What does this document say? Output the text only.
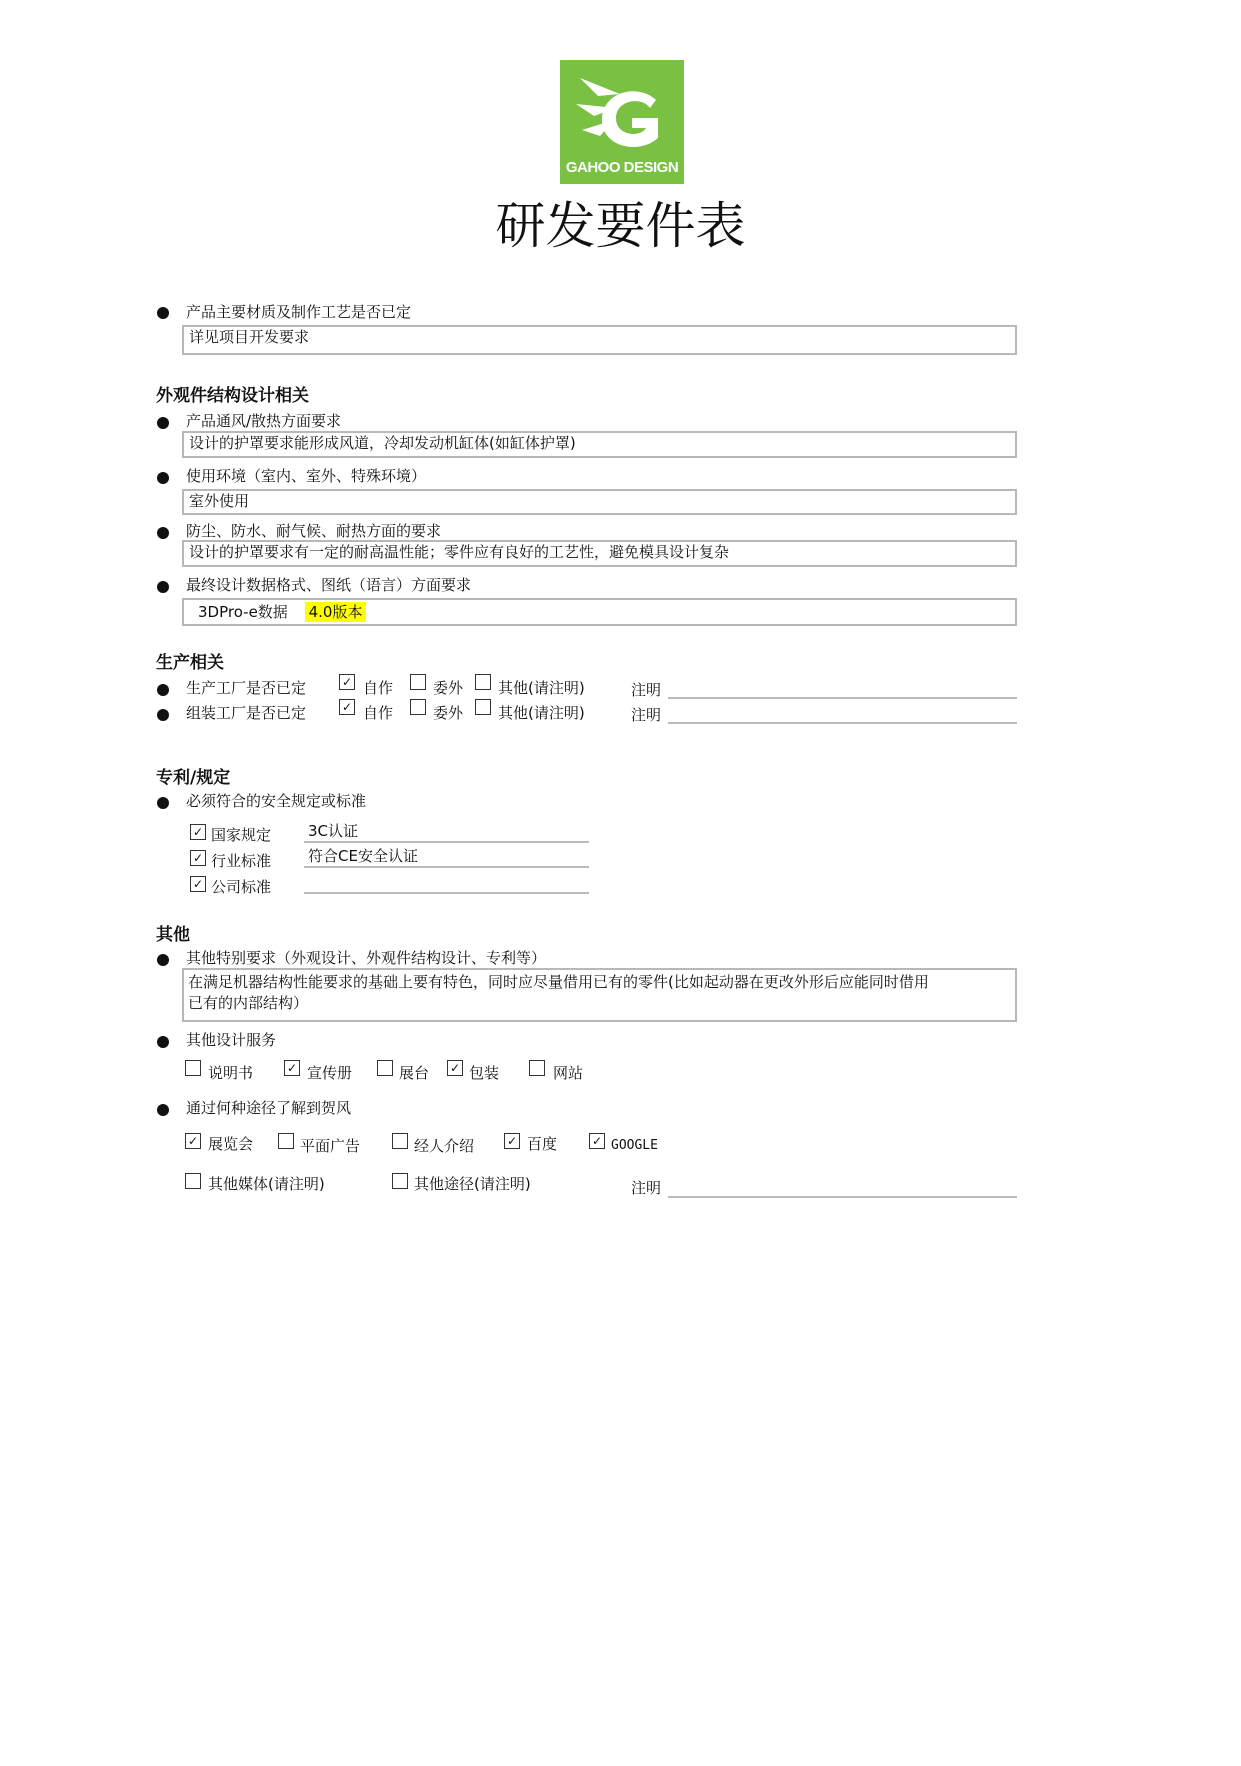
GAHOO DESIGN
研发要件表
产品主要材质及制作工艺是否已定
详见项目开发要求
外观件结构设计相关
产品通风/散热方面要求
设计的护罩要求能形成风道，冷却发动机缸体(如缸体护罩)
使用环境（室内、室外、特殊环境）
室外使用
防尘、防水、耐气候、耐热方面的要求
设计的护罩要求有一定的耐高温性能；零件应有良好的工艺性，避免模具设计复杂
最终设计数据格式、图纸（语言）方面要求
3DPro-e数据 4.0版本
生产相关
生产工厂是否已定	✓ 自作	委外 其他(请注明)	注明
组装工厂是否已定	✓ 自作	委外 其他(请注明)	注明
专利/规定
必须符合的安全规定或标准
✓ 国家规定 3C认证
✓ 行业标准 符合CE安全认证
✓ 公司标准
其他
其他特别要求（外观设计、外观件结构设计、专利等）
在满足机器结构性能要求的基础上要有特色，同时应尽量借用已有的零件(比如起动器在更改外形后应能同时借用
已有的内部结构）
其他设计服务
说明书	✓ 宣传册	展台 ✓ 包装	网站
通过何种途径了解到贺风
✓ 展览会	平面广告	经人介绍	✓ 百度	✓ GOOGLE
其他媒体(请注明)	其他途径(请注明)	注明
